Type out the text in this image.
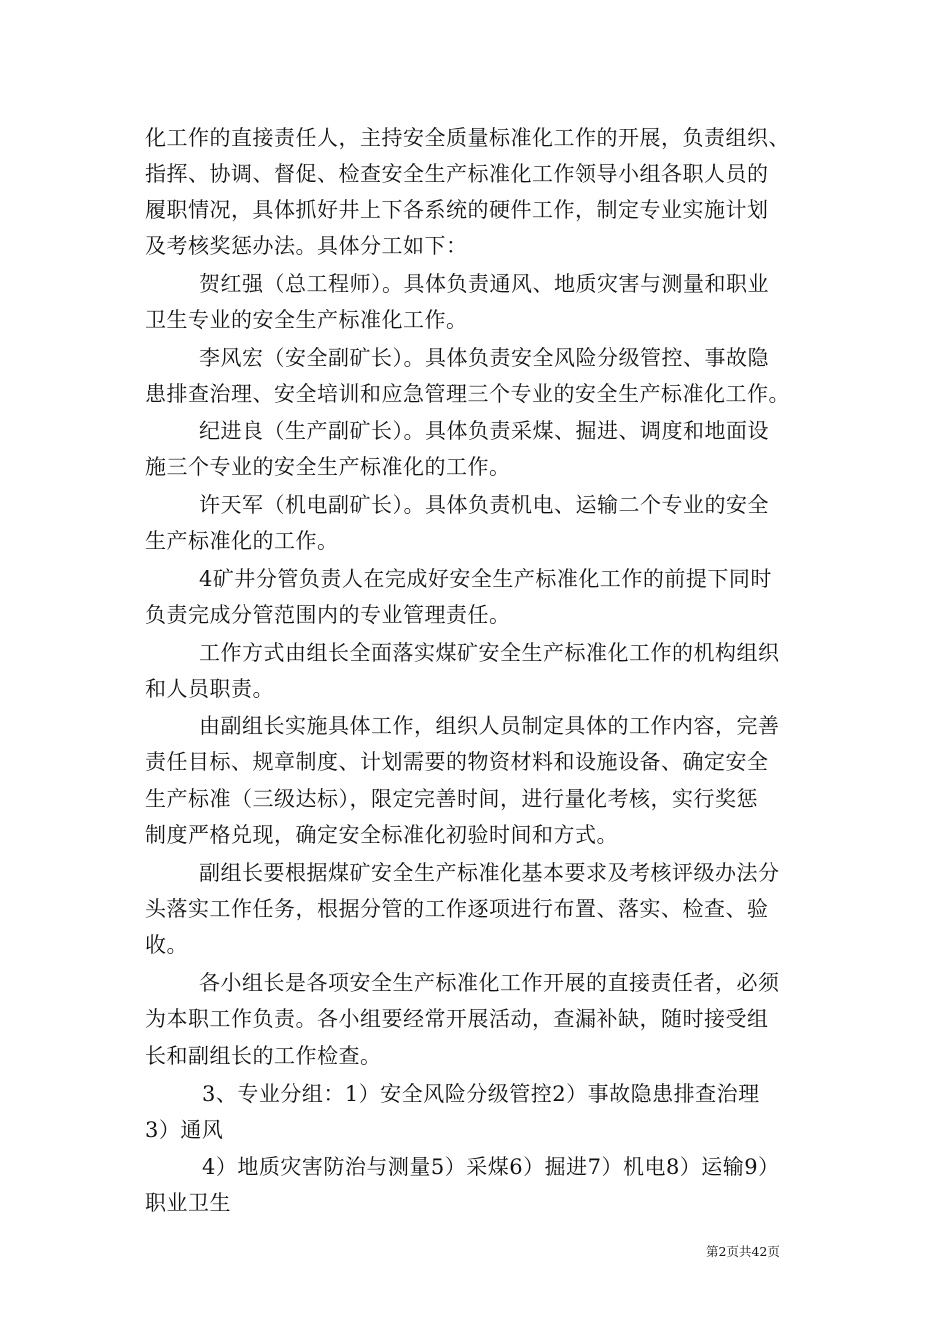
化工作的直接责任人，主持安全质量标准化工作的开展，负责组织、
指挥、协调、督促、检查安全生产标准化工作领导小组各职人员的
履职情况，具体抓好井上下各系统的硬件工作，制定专业实施计划
及考核奖惩办法。具体分工如下：
贺红强（总工程师）。具体负责通风、地质灾害与测量和职业
卫生专业的安全生产标准化工作。
李风宏（安全副矿长）。具体负责安全风险分级管控、事故隐
患排查治理、安全培训和应急管理三个专业的安全生产标准化工作。
纪进良（生产副矿长）。具体负责采煤、掘进、调度和地面设
施三个专业的安全生产标准化的工作。
许天军（机电副矿长）。具体负责机电、运输二个专业的安全
生产标准化的工作。
4矿井分管负责人在完成好安全生产标准化工作的前提下同时
负责完成分管范围内的专业管理责任。
工作方式由组长全面落实煤矿安全生产标准化工作的机构组织
和人员职责。
由副组长实施具体工作，组织人员制定具体的工作内容，完善
责任目标、规章制度、计划需要的物资材料和设施设备、确定安全
生产标准（三级达标），限定完善时间，进行量化考核，实行奖惩
制度严格兑现，确定安全标准化初验时间和方式。
副组长要根据煤矿安全生产标准化基本要求及考核评级办法分
头落实工作任务，根据分管的工作逐项进行布置、落实、检查、验
收。
各小组长是各项安全生产标准化工作开展的直接责任者，必须
为本职工作负责。各小组要经常开展活动，查漏补缺，随时接受组
长和副组长的工作检查。
3、专业分组：1）安全风险分级管控2）事故隐患排查治理
3）通风
4）地质灾害防治与测量5）采煤6）掘进7）机电8）运输9）
职业卫生
第2页共42页
